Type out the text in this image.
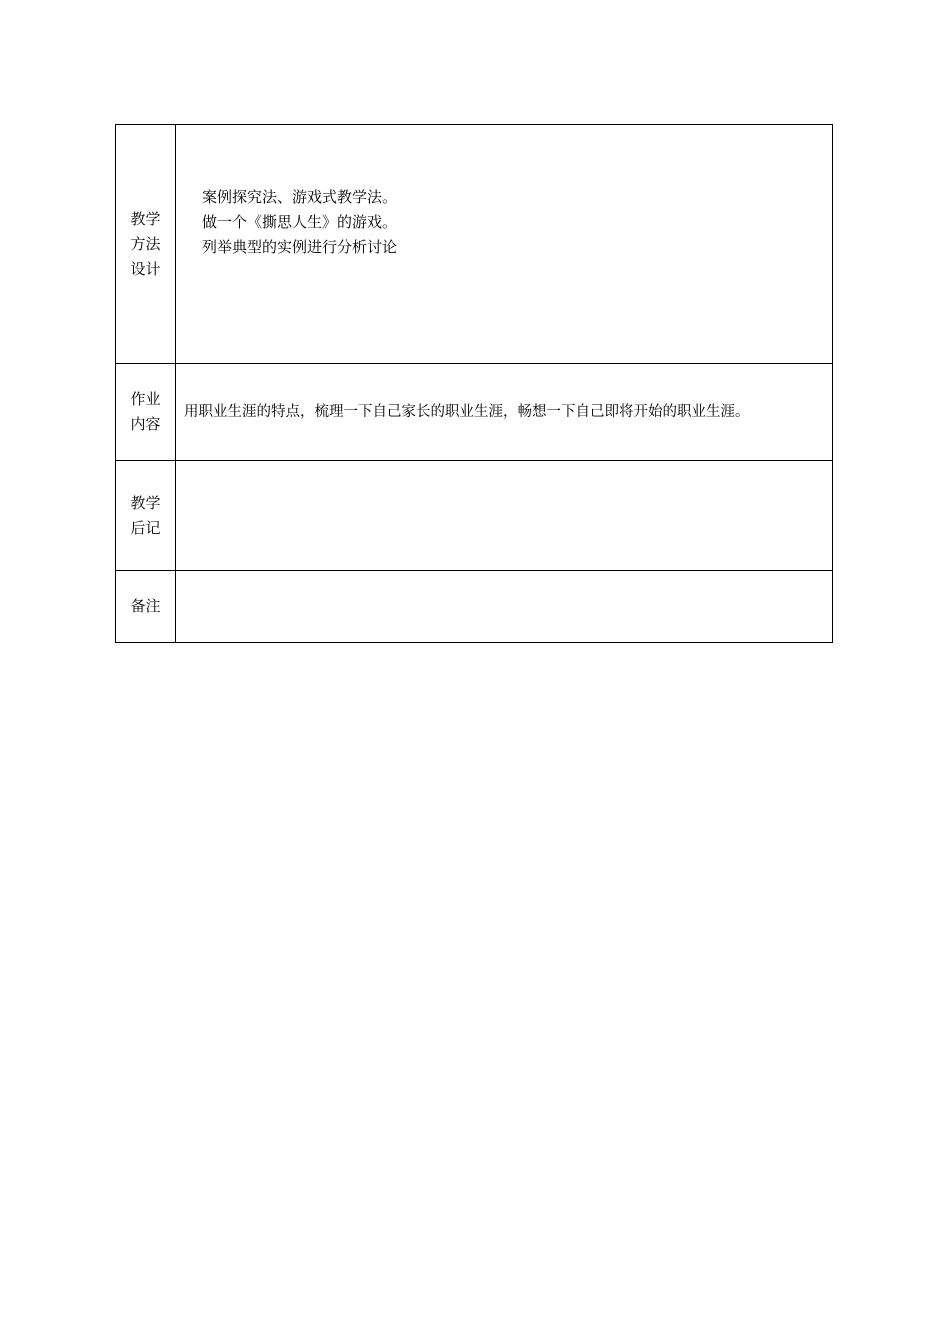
教学
方法
设计	案例探究法、游戏式教学法。
做一个《撕思人生》的游戏。
列举典型的实例进行分析讨论

作业
内容	用职业生涯的特点，梳理一下自己家长的职业生涯，畅想一下自己即将开始的职业生涯。

教学
后记	

备注	
